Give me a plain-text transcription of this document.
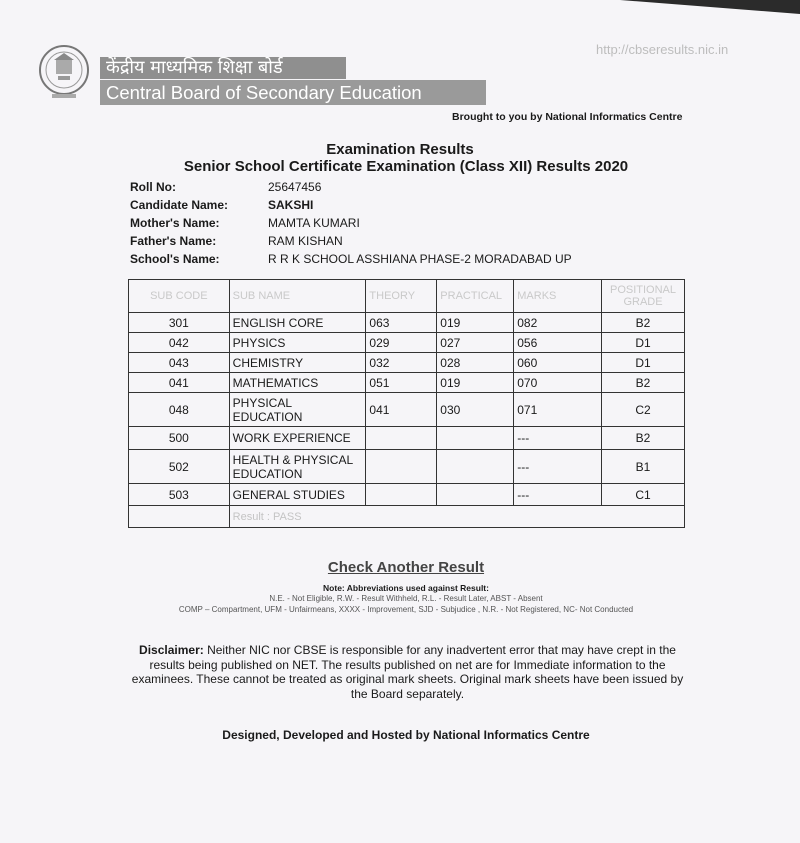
केंद्रीय माध्यमिक शिक्षा बोर्ड
Central Board of Secondary Education
http://cbseresults.nic.in
Brought to you by National Informatics Centre
Examination Results
Senior School Certificate Examination (Class XII) Results 2020
Roll No:	25647456
Candidate Name:	SAKSHI
Mother's Name:	MAMTA KUMARI
Father's Name:	RAM KISHAN
School's Name:	R R K SCHOOL ASSHIANA PHASE-2 MORADABAD UP
SUB CODE	SUB NAME	THEORY	PRACTICAL	MARKS	POSITIONAL GRADE
301	ENGLISH CORE	063	019	082	B2
042	PHYSICS	029	027	056	D1
043	CHEMISTRY	032	028	060	D1
041	MATHEMATICS	051	019	070	B2
048	PHYSICAL EDUCATION	041	030	071	C2
500	WORK EXPERIENCE			---	B2
502	HEALTH & PHYSICAL EDUCATION			---	B1
503	GENERAL STUDIES			---	C1
	Result : PASS				
Check Another Result
Note: Abbreviations used against Result:
N.E. - Not Eligible, R.W. - Result Withheld, R.L. - Result Later, ABST - Absent
COMP – Compartment, UFM - Unfairmeans, XXXX - Improvement, SJD - Subjudice , N.R. - Not Registered, NC- Not Conducted
Disclaimer: Neither NIC nor CBSE is responsible for any inadvertent error that may have crept in the results being published on NET. The results published on net are for Immediate information to the examinees. These cannot be treated as original mark sheets. Original mark sheets have been issued by the Board separately.
Designed, Developed and Hosted by National Informatics Centre
